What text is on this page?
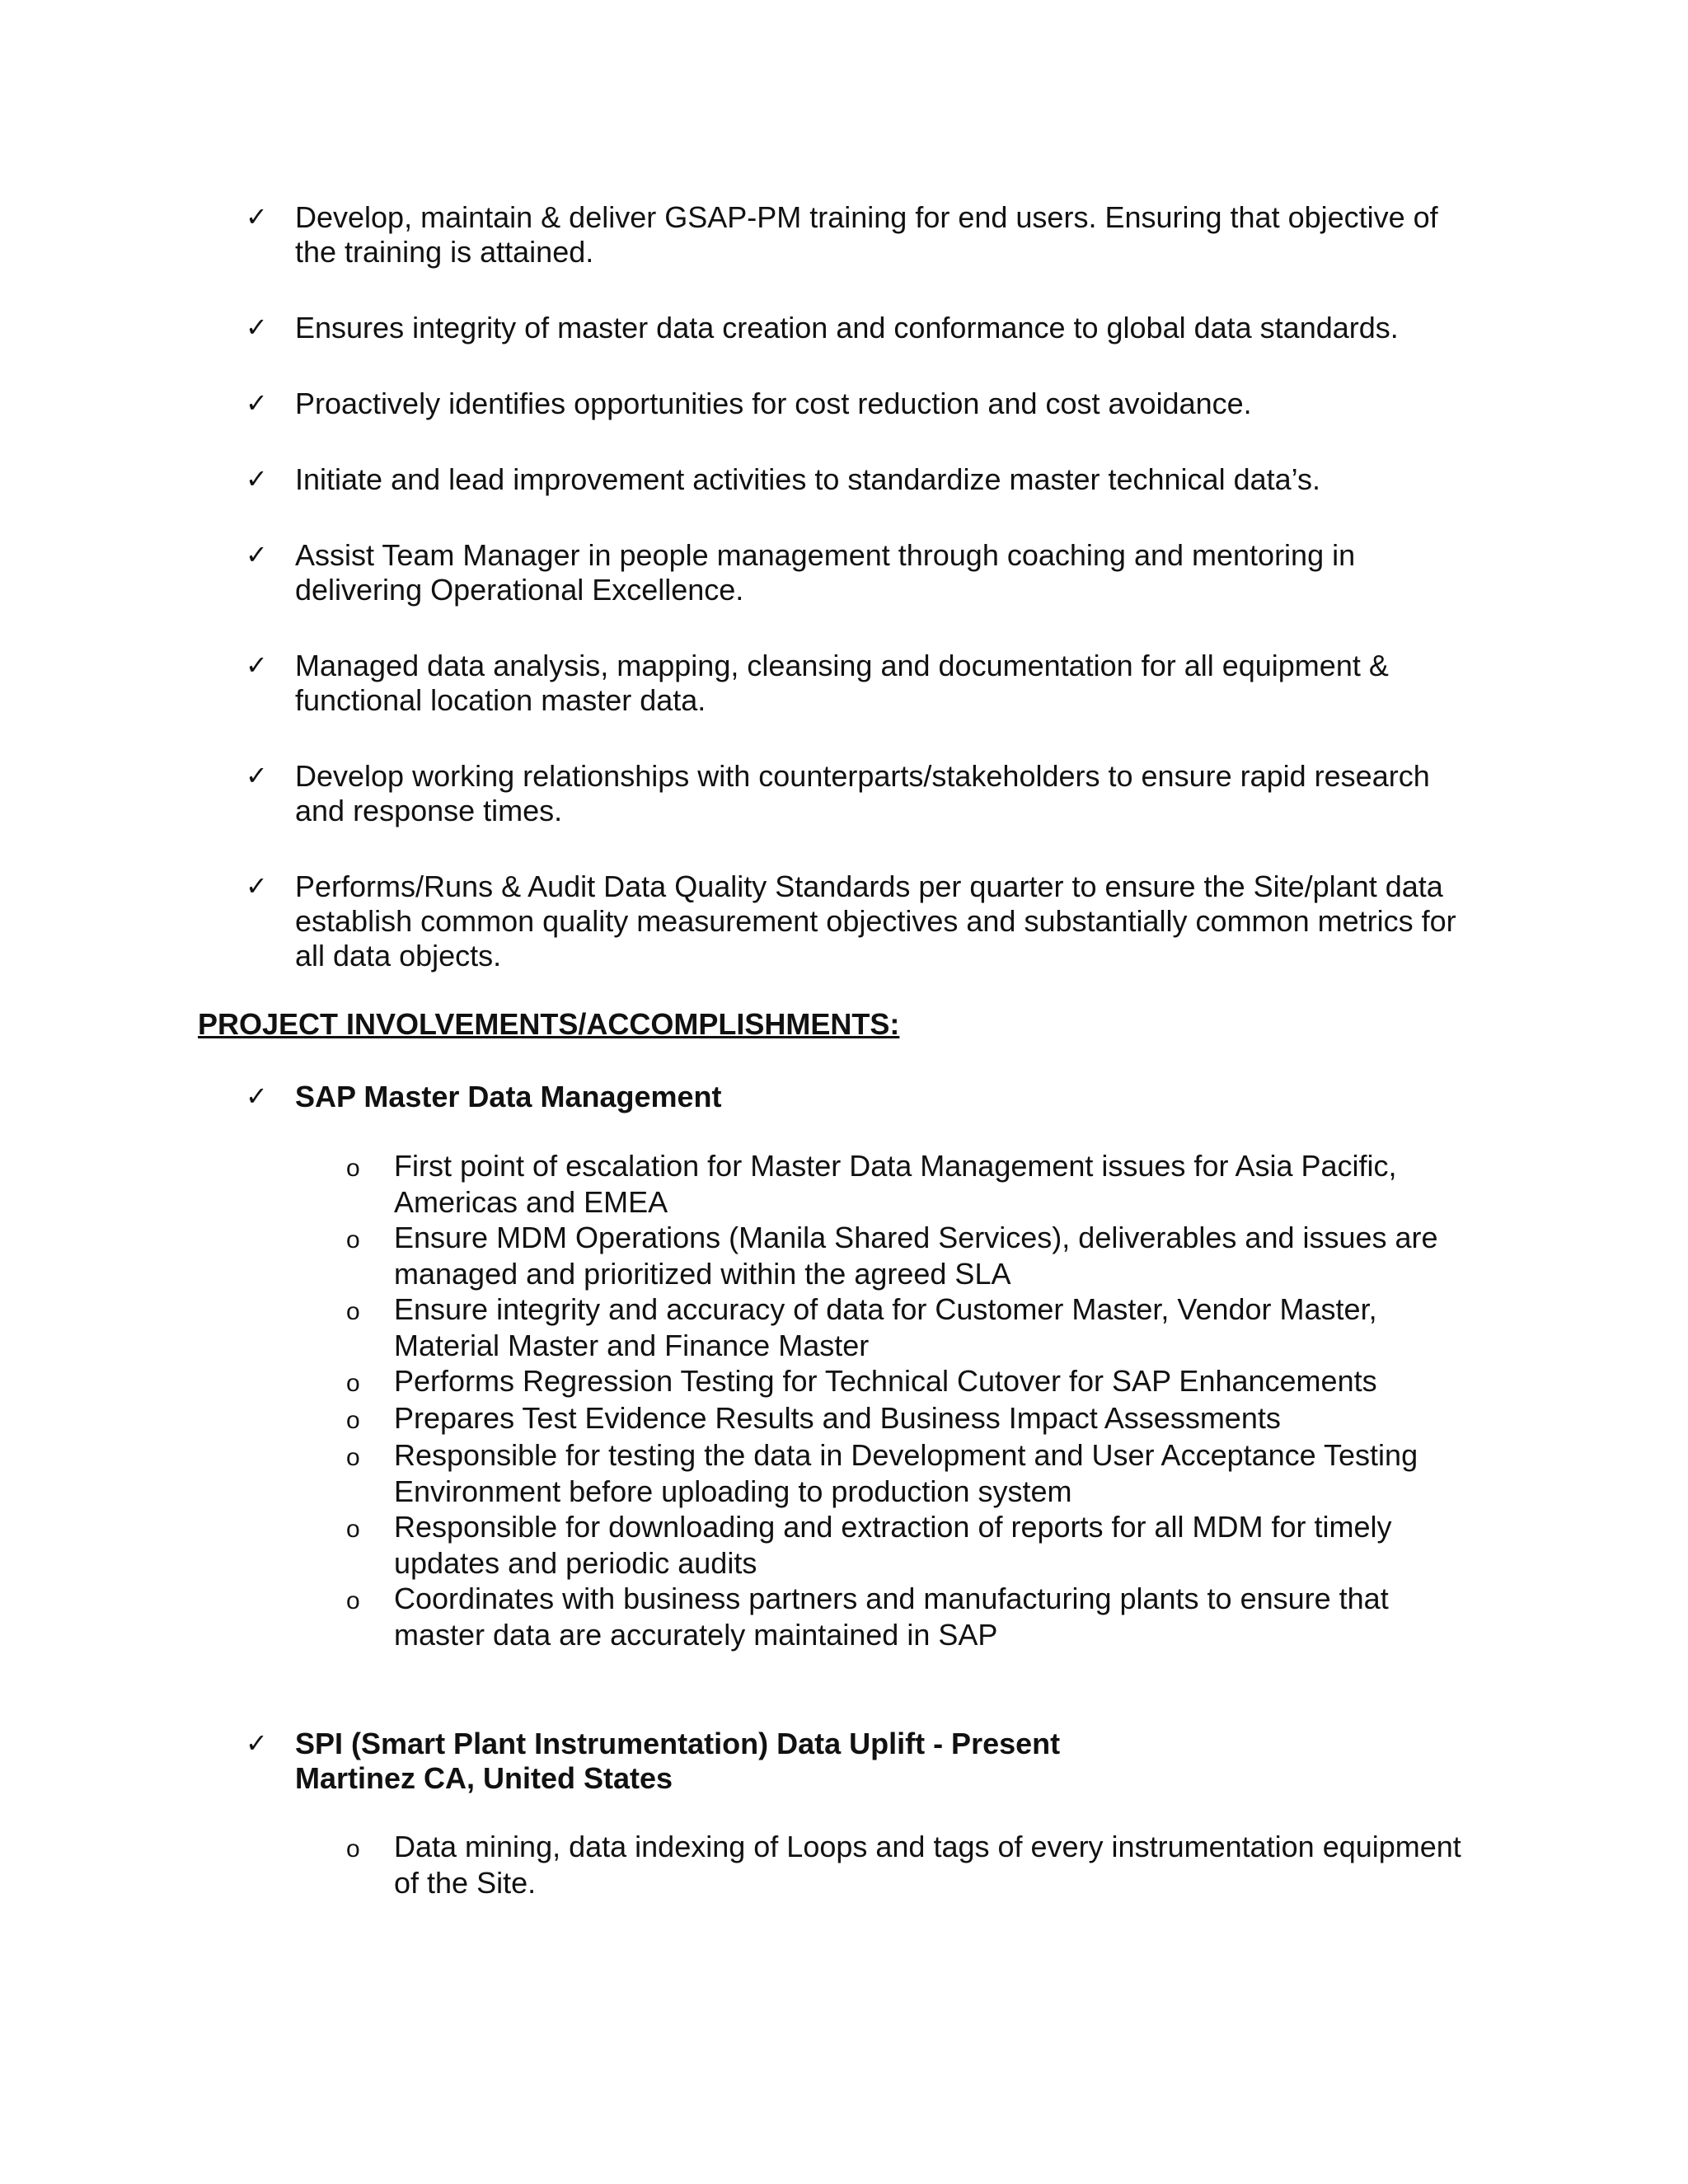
✓ Develop, maintain & deliver GSAP-PM training for end users. Ensuring that objective of
the training is attained.
✓ Ensures integrity of master data creation and conformance to global data standards.
✓ Proactively identifies opportunities for cost reduction and cost avoidance.
✓ Initiate and lead improvement activities to standardize master technical data’s.
✓ Assist Team Manager in people management through coaching and mentoring in
delivering Operational Excellence.
✓ Managed data analysis, mapping, cleansing and documentation for all equipment &
functional location master data.
✓ Develop working relationships with counterparts/stakeholders to ensure rapid research
and response times.
✓ Performs/Runs & Audit Data Quality Standards per quarter to ensure the Site/plant data
establish common quality measurement objectives and substantially common metrics for
all data objects.
PROJECT INVOLVEMENTS/ACCOMPLISHMENTS:
✓ SAP Master Data Management
o First point of escalation for Master Data Management issues for Asia Pacific,
Americas and EMEA
o Ensure MDM Operations (Manila Shared Services), deliverables and issues are
managed and prioritized within the agreed SLA
o Ensure integrity and accuracy of data for Customer Master, Vendor Master,
Material Master and Finance Master
o Performs Regression Testing for Technical Cutover for SAP Enhancements
o Prepares Test Evidence Results and Business Impact Assessments
o Responsible for testing the data in Development and User Acceptance Testing
Environment before uploading to production system
o Responsible for downloading and extraction of reports for all MDM for timely
updates and periodic audits
o Coordinates with business partners and manufacturing plants to ensure that
master data are accurately maintained in SAP
✓ SPI (Smart Plant Instrumentation) Data Uplift - Present
Martinez CA, United States
o Data mining, data indexing of Loops and tags of every instrumentation equipment
of the Site.
